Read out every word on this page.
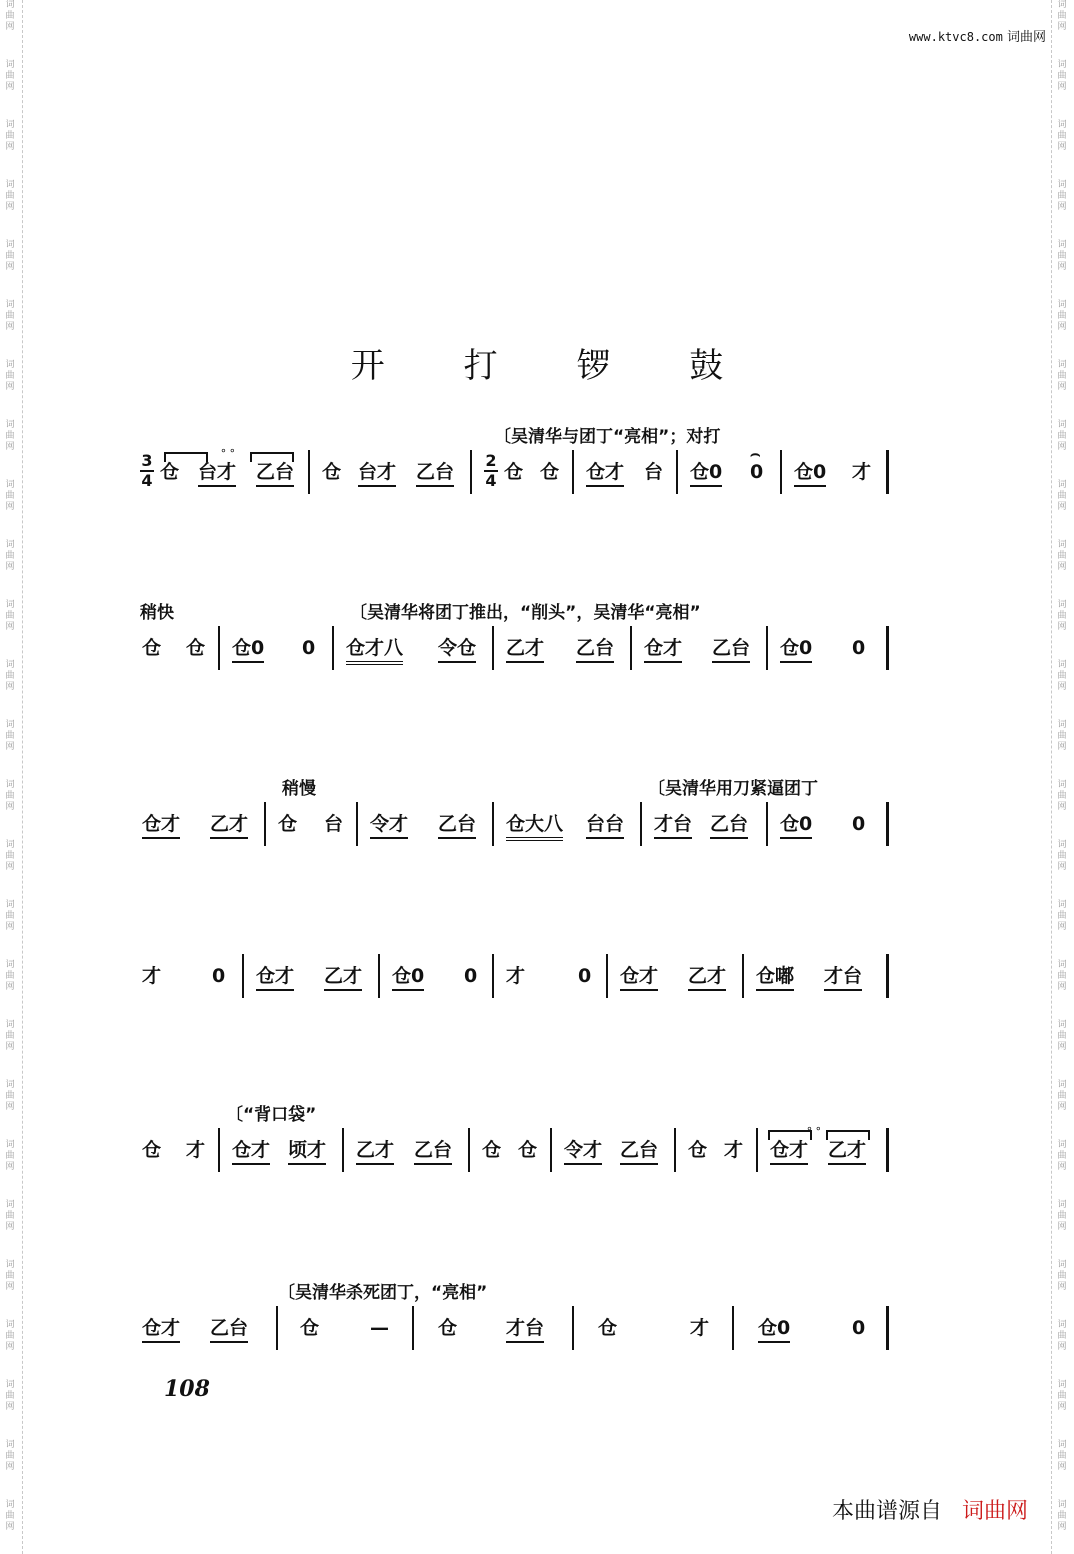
词曲网
词曲网
词曲网
词曲网
词曲网
词曲网
词曲网
词曲网
词曲网
词曲网
词曲网
词曲网
词曲网
词曲网
词曲网
词曲网
词曲网
词曲网
词曲网
词曲网
词曲网
词曲网
词曲网
词曲网
词曲网
词曲网
词曲网
词曲网
词曲网
词曲网
词曲网
词曲网
词曲网
词曲网
词曲网
词曲网
词曲网
词曲网
词曲网
词曲网
词曲网
词曲网
词曲网
词曲网
词曲网
词曲网
词曲网
词曲网
词曲网
词曲网
词曲网
词曲网
www.ktvc8.com 词曲网
开 打 锣 鼓
〔吴清华与团丁“亮相”；对打
3
4
∘∘
仓 台才 乙台 仓 台才 乙台
2
4 仓 仓 仓才 台 仓0
⌢
0 仓0 才
稍快	〔吴清华将团丁推出，“削头”，吴清华“亮相”
仓 仓 仓0 0 仓才八 令仓 乙才 乙台 仓才 乙台 仓0 0
稍慢	〔吴清华用刀紧逼团丁
仓才 乙才 仓 台 令才 乙台 仓大八 台台 才台 乙台 仓0 0
才	0 仓才 乙才 仓0 0 才	0 仓才 乙才 仓嘟 才台
〔“背口袋”
仓 才 仓才 顷才 乙才 乙台 仓 仓 令才 乙台 仓 才
∘∘
仓才 乙才
〔吴清华杀死团丁，“亮相”
仓才 乙台	仓	—	仓	才台	仓	才	仓0	0
108
本曲谱源自 词曲网
